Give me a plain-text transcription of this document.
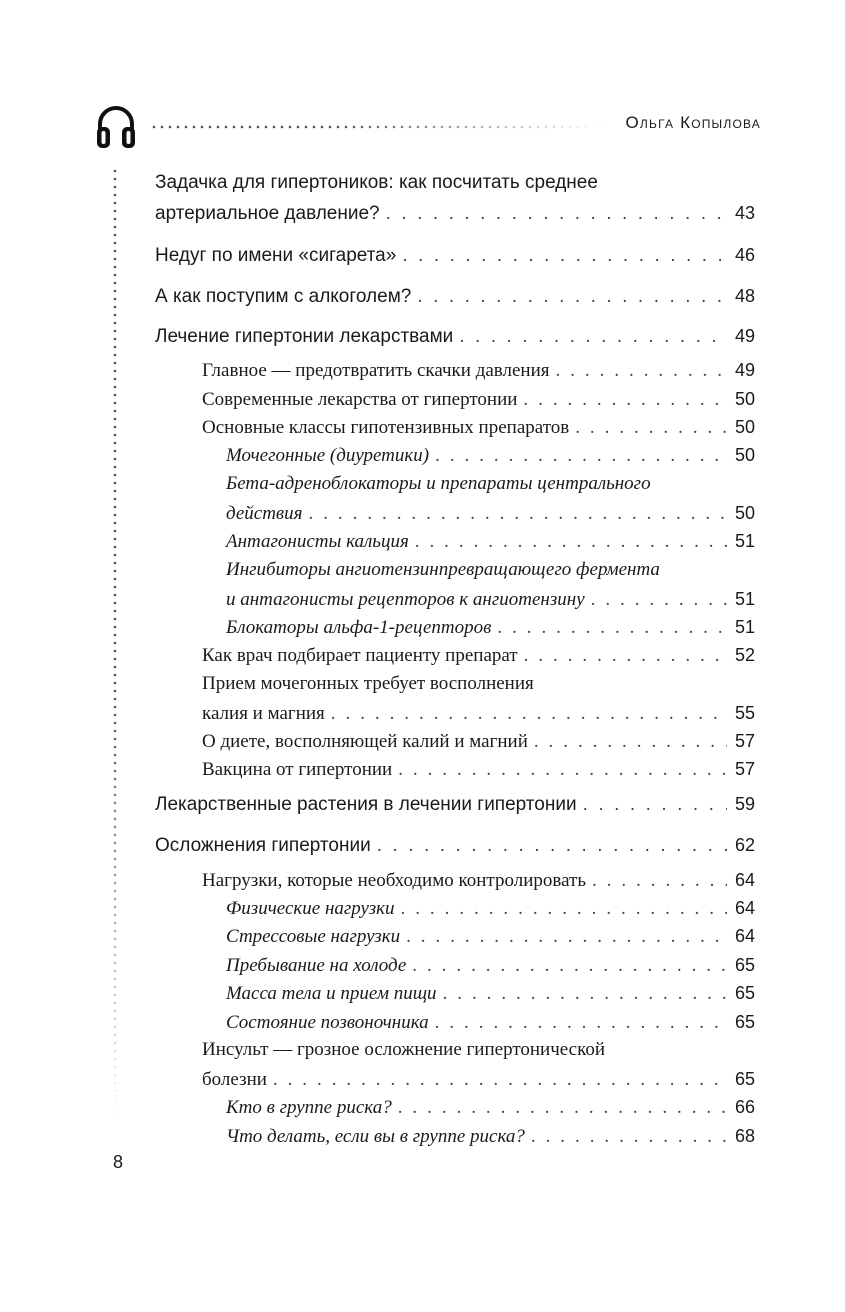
Ольга Копылова
Задачка для гипертоников: как посчитать среднее
артериальное давление? . . .	43
Недуг по имени «сигарета» . . .	46
А как поступим с алкоголем? . . .	48
Лечение гипертонии лекарствами . . .	49
Главное — предотвратить скачки давления . . .	49
Современные лекарства от гипертонии . . .	50
Основные классы гипотензивных препаратов . . .	50
Мочегонные (диуретики) . . .	50
Бета-адреноблокаторы и препараты центрального
действия . . .	50
Антагонисты кальция . . .	51
Ингибиторы ангиотензинпревращающего фермента
и антагонисты рецепторов к ангиотензину . . .	51
Блокаторы альфа-1-рецепторов . . .	51
Как врач подбирает пациенту препарат . . .	52
Прием мочегонных требует восполнения
калия и магния . . .	55
О диете, восполняющей калий и магний . . .	57
Вакцина от гипертонии . . .	57
Лекарственные растения в лечении гипертонии . . .	59
Осложнения гипертонии . . .	62
Нагрузки, которые необходимо контролировать . . .	64
Физические нагрузки . . .	64
Стрессовые нагрузки . . .	64
Пребывание на холоде . . .	65
Масса тела и прием пищи . . .	65
Состояние позвоночника . . .	65
Инсульт — грозное осложнение гипертонической
болезни . . .	65
Кто в группе риска? . . .	66
Что делать, если вы в группе риска? . . .	68
8
